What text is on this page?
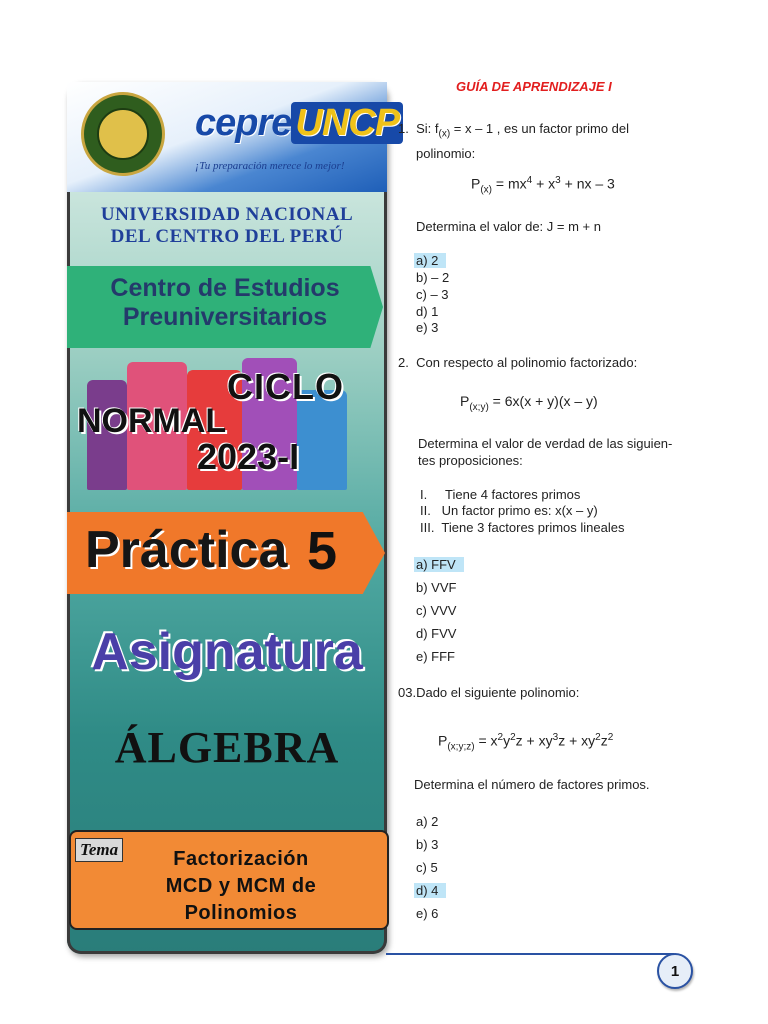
cepre UNCP
¡Tu preparación merece lo mejor!
UNIVERSIDAD NACIONAL
DEL CENTRO DEL PERÚ
Centro de Estudios
Preuniversitarios
CICLO
NORMAL
2023-I
Práctica 5
Asignatura
ÁLGEBRA
Tema	Factorización
MCD y MCM de
Polinomios
GUÍA DE APRENDIZAJE I
1. Si: $f_{(x)} = x - 1$ , es un factor primo del
polinomio:
$P_{(x)} = mx^4 + x^3$ + nx – 3
Determina el valor de: J = m + n
a) 2
b) – 2
c) – 3
d) 1
e) 3
2. Con respecto al polinomio factorizado:
$P_{(x;y)} = 6x(x + y)(x - y)$
Determina el valor de verdad de las siguien-
tes proposiciones:
I.     Tiene 4 factores primos
II.   Un factor primo es: x(x – y)
III.  Tiene 3 factores primos lineales
a) FFV
b) VVF
c) VVV
d) FVV
e) FFF
03.Dado el siguiente polinomio:
$P_{(x;y;z)} = x^2y^2z + xy^3z + xy^2z^2$
Determina el número de factores primos.
a) 2
b) 3
c) 5
d) 4
e) 6
1
